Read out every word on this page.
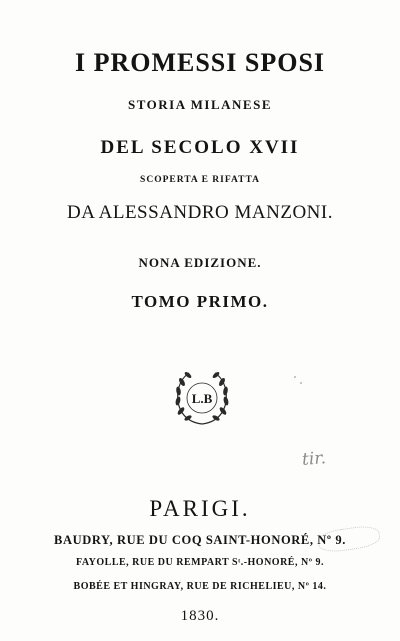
I PROMESSI SPOSI
STORIA MILANESE
DEL SECOLO XVII
SCOPERTA E RIFATTA
DA ALESSANDRO MANZONI.
NONA EDIZIONE.
TOMO PRIMO.
L.B
tir.
PARIGI.
BAUDRY, RUE DU COQ SAINT-HONORÉ, Nº 9.
FAYOLLE, RUE DU REMPART Sᵗ.-HONORÉ, Nº 9.
BOBÉE ET HINGRAY, RUE DE RICHELIEU, Nº 14.
1830.
